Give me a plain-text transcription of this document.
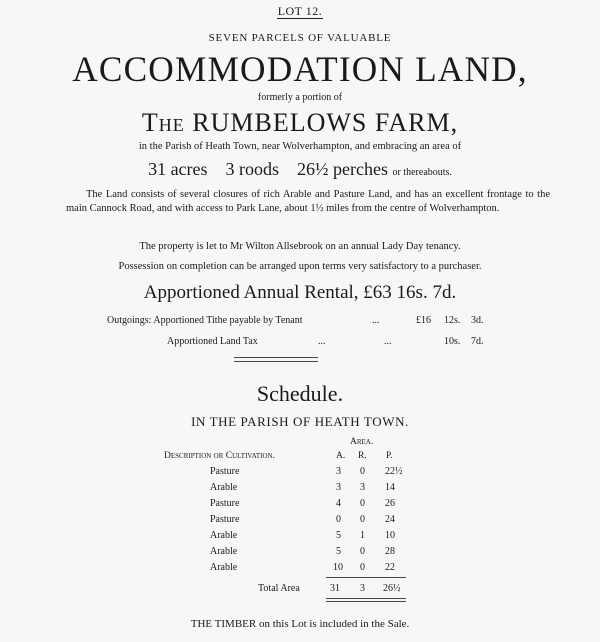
LOT 12.
SEVEN PARCELS OF VALUABLE
ACCOMMODATION LAND,
formerly a portion of
The RUMBELOWS FARM,
in the Parish of Heath Town, near Wolverhampton, and embracing an area of
31 acres 3 roods 26½ perches or thereabouts.
The Land consists of several closures of rich Arable and Pasture Land, and has an excellent frontage to the main Cannock Road, and with access to Park Lane, about 1½ miles from the centre of Wolverhampton.
The property is let to Mr Wilton Allsebrook on an annual Lady Day tenancy.
Possession on completion can be arranged upon terms very satisfactory to a purchaser.
Apportioned Annual Rental, £63 16s. 7d.
Outgoings: Apportioned Tithe payable by Tenant	...	£16 12s. 3d.
Apportioned Land Tax	...	...	10s. 7d.
Schedule.
IN THE PARISH OF HEATH TOWN.
Area.
Description or Cultivation.	A. R. P.
Pasture	3 0 22½
Arable	3 3 14
Pasture	4 0 26
Pasture	0 0 24
Arable	5 1 10
Arable	5 0 28
Arable	10 0 22
Total Area	31 3 26½
THE TIMBER on this Lot is included in the Sale.
